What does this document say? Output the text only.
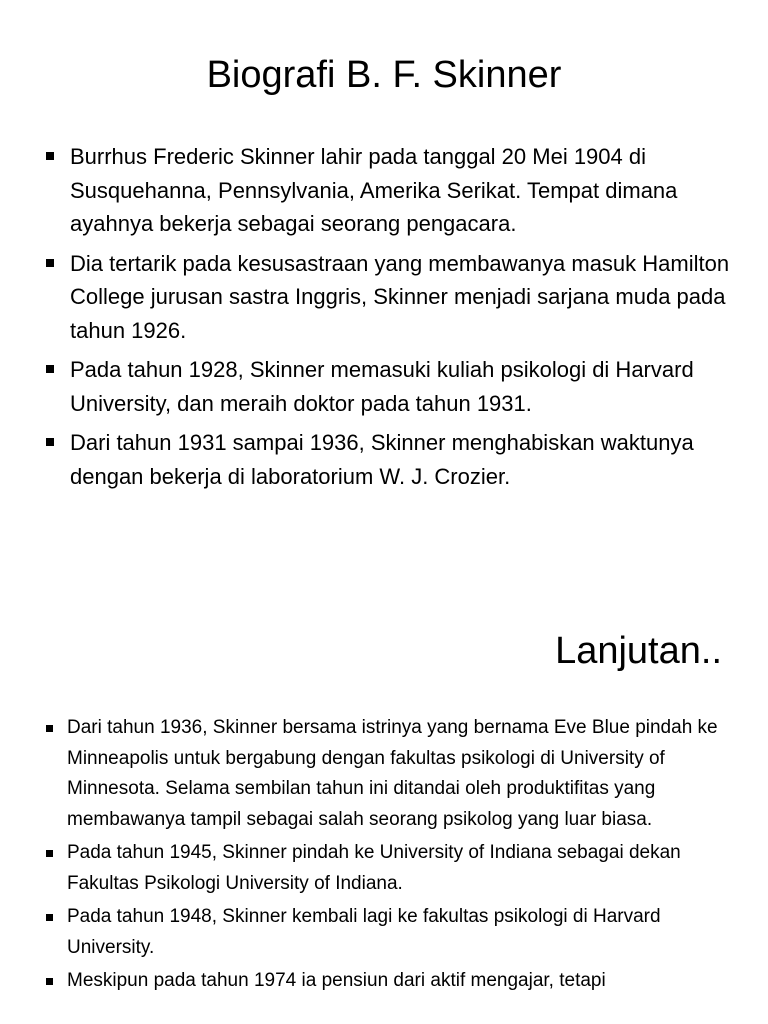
Biografi B. F. Skinner
Burrhus Frederic Skinner lahir pada tanggal 20 Mei 1904 di Susquehanna, Pennsylvania, Amerika Serikat. Tempat dimana ayahnya bekerja sebagai seorang pengacara.
Dia tertarik pada kesusastraan yang membawanya masuk Hamilton College jurusan sastra Inggris, Skinner menjadi sarjana muda pada tahun 1926.
Pada tahun 1928, Skinner memasuki kuliah psikologi di Harvard University, dan meraih doktor pada tahun 1931.
Dari tahun 1931 sampai 1936, Skinner menghabiskan waktunya dengan bekerja di laboratorium W. J. Crozier.
Lanjutan..
Dari tahun 1936, Skinner bersama istrinya yang bernama Eve Blue pindah ke Minneapolis untuk bergabung dengan fakultas psikologi di University of Minnesota. Selama sembilan tahun ini ditandai oleh produktifitas yang membawanya tampil sebagai salah seorang psikolog yang luar biasa.
Pada tahun 1945, Skinner pindah ke University of Indiana sebagai dekan Fakultas Psikologi University of Indiana.
Pada tahun 1948, Skinner kembali lagi ke fakultas psikologi di Harvard University.
Meskipun pada tahun 1974 ia pensiun dari aktif mengajar, tetapi
